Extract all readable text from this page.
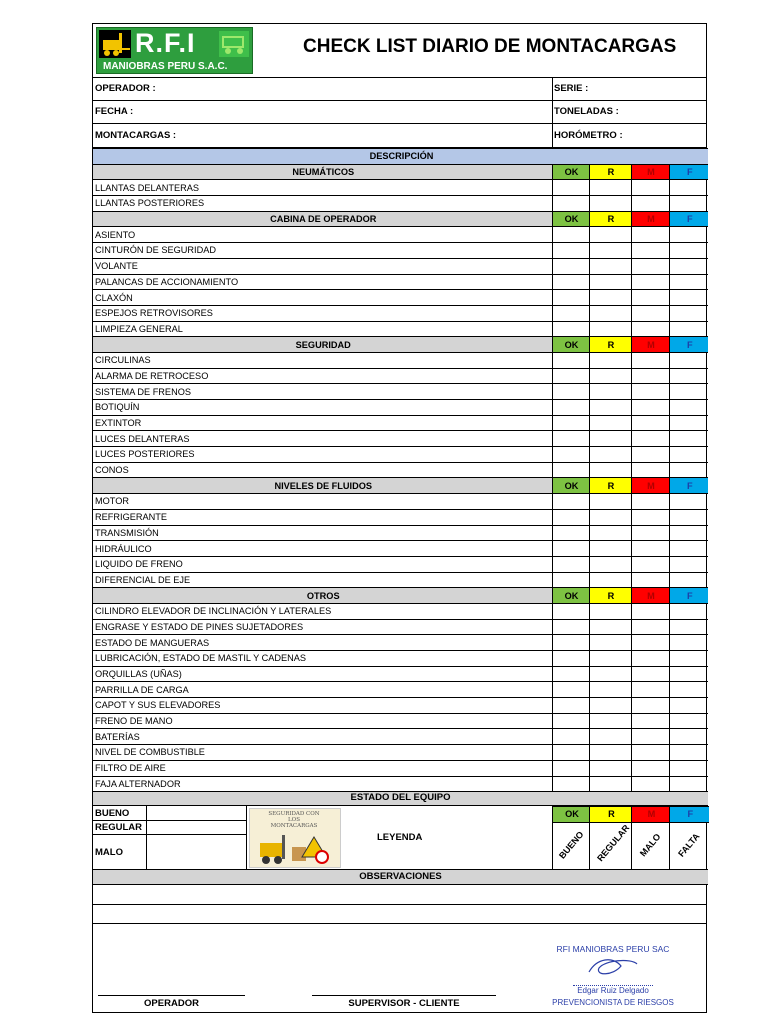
R.F.I
MANIOBRAS PERU S.A.C.
CHECK LIST DIARIO DE MONTACARGAS
OPERADOR :	SERIE :
FECHA :	TONELADAS :
MONTACARGAS :	HORÓMETRO :
DESCRIPCIÓN				
NEUMÁTICOS	OK	R	M	F
LLANTAS DELANTERAS				
LLANTAS POSTERIORES				
CABINA DE OPERADOR	OK	R	M	F
ASIENTO				
CINTURÓN DE SEGURIDAD				
VOLANTE				
PALANCAS DE ACCIONAMIENTO				
CLAXÓN				
ESPEJOS RETROVISORES				
LIMPIEZA GENERAL				
SEGURIDAD	OK	R	M	F
CIRCULINAS				
ALARMA DE RETROCESO				
SISTEMA DE FRENOS				
BOTIQUÍN				
EXTINTOR				
LUCES DELANTERAS				
LUCES POSTERIORES				
CONOS				
NIVELES DE FLUIDOS	OK	R	M	F
MOTOR				
REFRIGERANTE				
TRANSMISIÓN				
HIDRÁULICO				
LIQUIDO DE FRENO				
DIFERENCIAL DE EJE				
OTROS	OK	R	M	F
CILINDRO ELEVADOR DE INCLINACIÓN Y LATERALES				
ENGRASE Y ESTADO DE PINES SUJETADORES				
ESTADO DE MANGUERAS				
LUBRICACIÓN, ESTADO DE MASTIL Y CADENAS				
ORQUILLAS (UÑAS)				
PARRILLA DE CARGA				
CAPOT Y SUS ELEVADORES				
FRENO DE MANO				
BATERÍAS				
NIVEL DE COMBUSTIBLE				
FILTRO DE AIRE				
FAJA ALTERNADOR				
ESTADO DEL EQUIPO
BUENO
REGULAR
MALO
SEGURIDAD CON LOS MONTACARGAS
LEYENDA
OK	R	M	F
BUENO REGULAR MALO FALTA
OBSERVACIONES
OPERADOR	SUPERVISOR - CLIENTE
RFI MANIOBRAS PERU SAC
Edgar Ruiz Delgado
PREVENCIONISTA DE RIESGOS
